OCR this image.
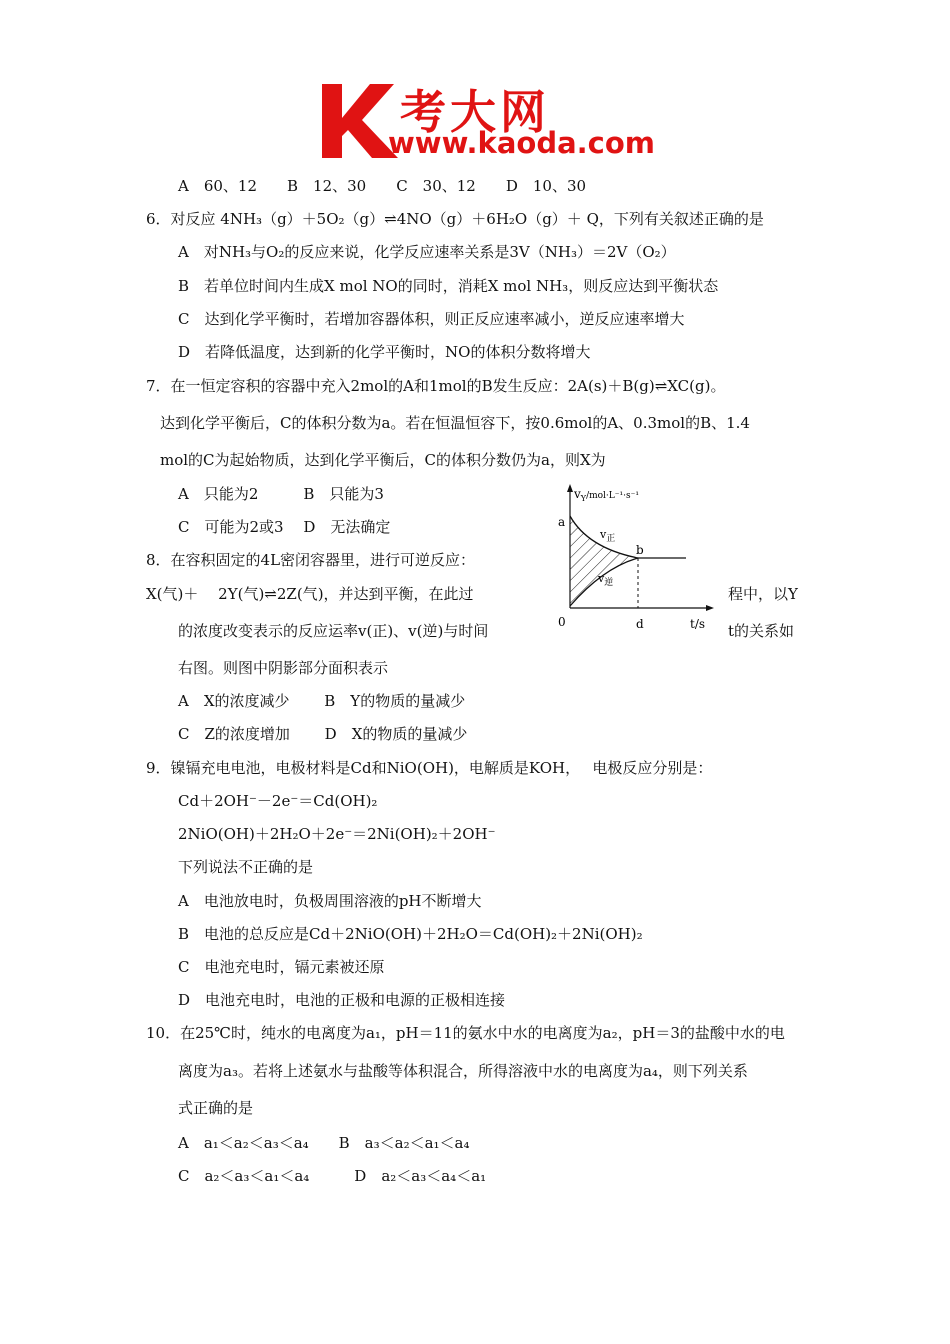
考大网
www.kaoda.com
A　60、12　　B　12、30　　C　30、12　　D　10、30
6．对反应 4NH₃（g）＋5O₂（g）⇌4NO（g）＋6H₂O（g）＋ Q，下列有关叙述正确的是
A　对NH₃与O₂的反应来说，化学反应速率关系是3V（NH₃）＝2V（O₂）
B　若单位时间内生成X mol NO的同时，消耗X mol NH₃，则反应达到平衡状态
C　达到化学平衡时，若增加容器体积，则正反应速率减小，逆反应速率增大
D　若降低温度，达到新的化学平衡时，NO的体积分数将增大
7．在一恒定容积的容器中充入2mol的A和1mol的B发生反应：2A(s)＋B(g)⇌XC(g)。
达到化学平衡后，C的体积分数为a。若在恒温恒容下，按0.6mol的A、0.3mol的B、1.4
mol的C为起始物质，达到化学平衡后，C的体积分数仍为a，则X为
A　只能为2　　　B　只能为3
C　可能为2或3　 D　无法确定
8．在容积固定的4L密闭容器里，进行可逆反应：
X(气)＋　 2Y(气)⇌2Z(气)，并达到平衡，在此过	程中，以Y
的浓度改变表示的反应运率v(正)、v(逆)与时间	t的关系如
右图。则图中阴影部分面积表示
A　X的浓度减少　　 B　Y的物质的量减少
C　Z的浓度增加　　 D　X的物质的量减少
9．镍镉充电电池，电极材料是Cd和NiO(OH)，电解质是KOH，　 电极反应分别是：
Cd＋2OH⁻－2e⁻＝Cd(OH)₂
2NiO(OH)＋2H₂O＋2e⁻＝2Ni(OH)₂＋2OH⁻
下列说法不正确的是
A　电池放电时，负极周围溶液的pH不断增大
B　电池的总反应是Cd＋2NiO(OH)＋2H₂O＝Cd(OH)₂＋2Ni(OH)₂
C　电池充电时，镉元素被还原
D　电池充电时，电池的正极和电源的正极相连接
10．在25℃时，纯水的电离度为a₁，pH＝11的氨水中水的电离度为a₂，pH＝3的盐酸中水的电
离度为a₃。若将上述氨水与盐酸等体积混合，所得溶液中水的电离度为a₄，则下列关系
式正确的是
A　a₁＜a₂＜a₃＜a₄　　B　a₃＜a₂＜a₁＜a₄
C　a₂＜a₃＜a₁＜a₄　　　D　a₂＜a₃＜a₄＜a₁
$v_Y^{/mol\cdot L^{-1}\cdot s^{-1}}$
a
b
0	d	t/s
$v_正$
$v_逆$
